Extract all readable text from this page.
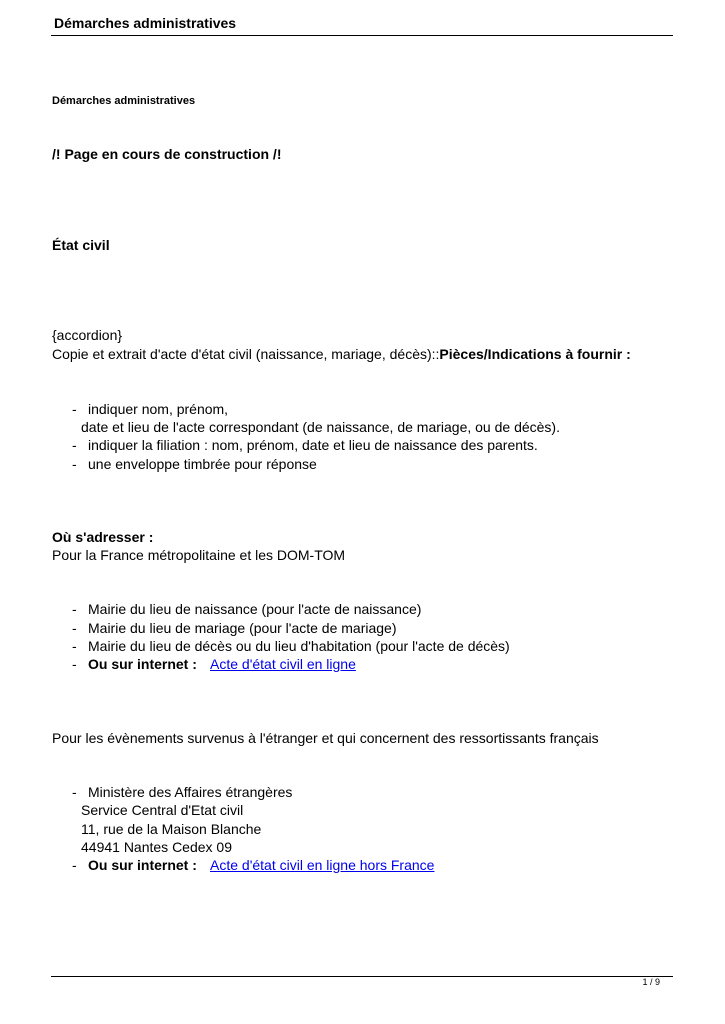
Démarches administratives
Démarches administratives
/! Page en cours de construction /!
État civil
{accordion}
Copie et extrait d'acte d'état civil (naissance, mariage, décès)::Pièces/Indications à fournir :
- indiquer nom, prénom,
date et lieu de l'acte correspondant (de naissance, de mariage, ou de décès).
- indiquer la filiation : nom, prénom, date et lieu de naissance des parents.
- une enveloppe timbrée pour réponse
Où s'adresser :
Pour la France métropolitaine et les DOM-TOM
- Mairie du lieu de naissance (pour l'acte de naissance)
- Mairie du lieu de mariage (pour l'acte de mariage)
- Mairie du lieu de décès ou du lieu d'habitation (pour l'acte de décès)
- Ou sur internet : Acte d'état civil en ligne
Pour les évènements survenus à l'étranger et qui concernent des ressortissants français
- Ministère des Affaires étrangères
Service Central d'Etat civil
11, rue de la Maison Blanche
44941 Nantes Cedex 09
- Ou sur internet : Acte d'état civil en ligne hors France
1 / 9
